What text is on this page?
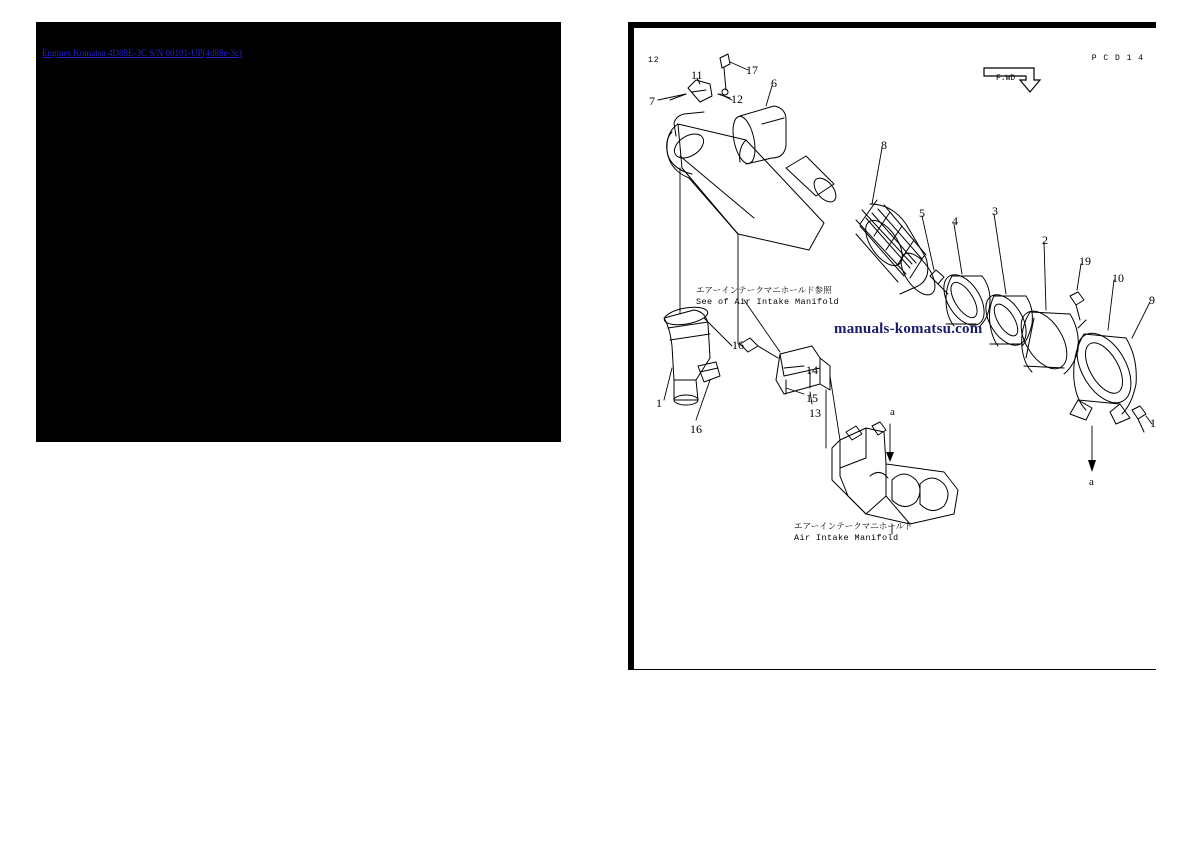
Engines Komatsu 4D88E-3C S/N 00101-UP(4d88e-3c)
12	P C D 1 4
F.WD
11	17
6
7	12
8
5
4
3
2
19
10
9
16
1
16
14
15
13
1
a
a
エアーインテークマニホールド参照
See of Air Intake Manifold
エアーインテークマニホールド
Air Intake Manifold
manuals-komatsu.com
